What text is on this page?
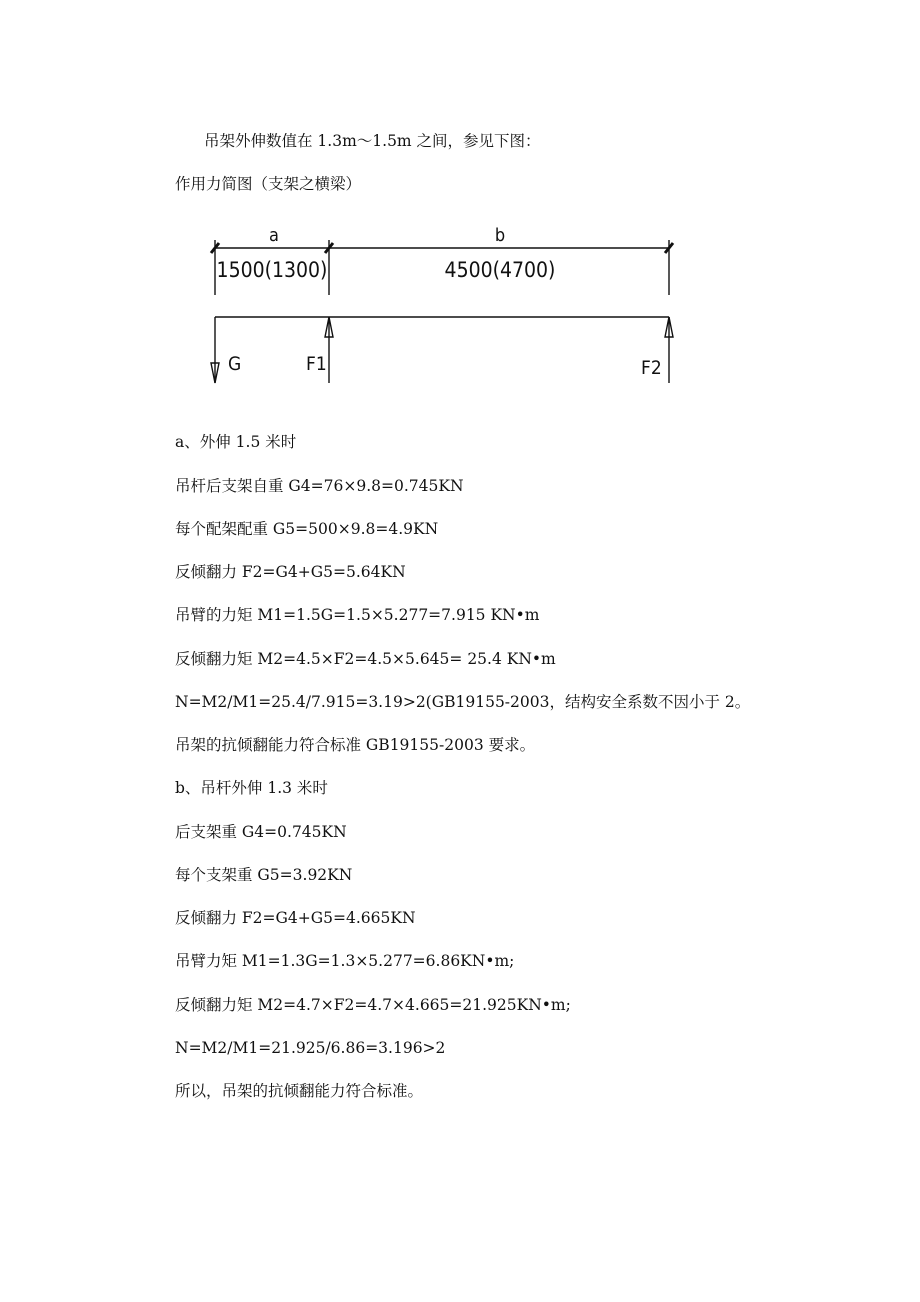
吊架外伸数值在 1.3m～1.5m 之间，参见下图：
作用力简图（支架之横梁）
a	b
1500(1300)	4500(4700)
G	F1	F2
a、外伸 1.5 米时
吊杆后支架自重 G4=76×9.8=0.745KN
每个配架配重 G5=500×9.8=4.9KN
反倾翻力 F2=G4+G5=5.64KN
吊臂的力矩 M1=1.5G=1.5×5.277=7.915 KN•m
反倾翻力矩 M2=4.5×F2=4.5×5.645= 25.4 KN•m
N=M2/M1=25.4/7.915=3.19>2(GB19155-2003，结构安全系数不因小于 2。
吊架的抗倾翻能力符合标准 GB19155-2003 要求。
b、吊杆外伸 1.3 米时
后支架重 G4=0.745KN
每个支架重 G5=3.92KN
反倾翻力 F2=G4+G5=4.665KN
吊臂力矩 M1=1.3G=1.3×5.277=6.86KN•m;
反倾翻力矩 M2=4.7×F2=4.7×4.665=21.925KN•m;
N=M2/M1=21.925/6.86=3.196>2
所以，吊架的抗倾翻能力符合标准。
